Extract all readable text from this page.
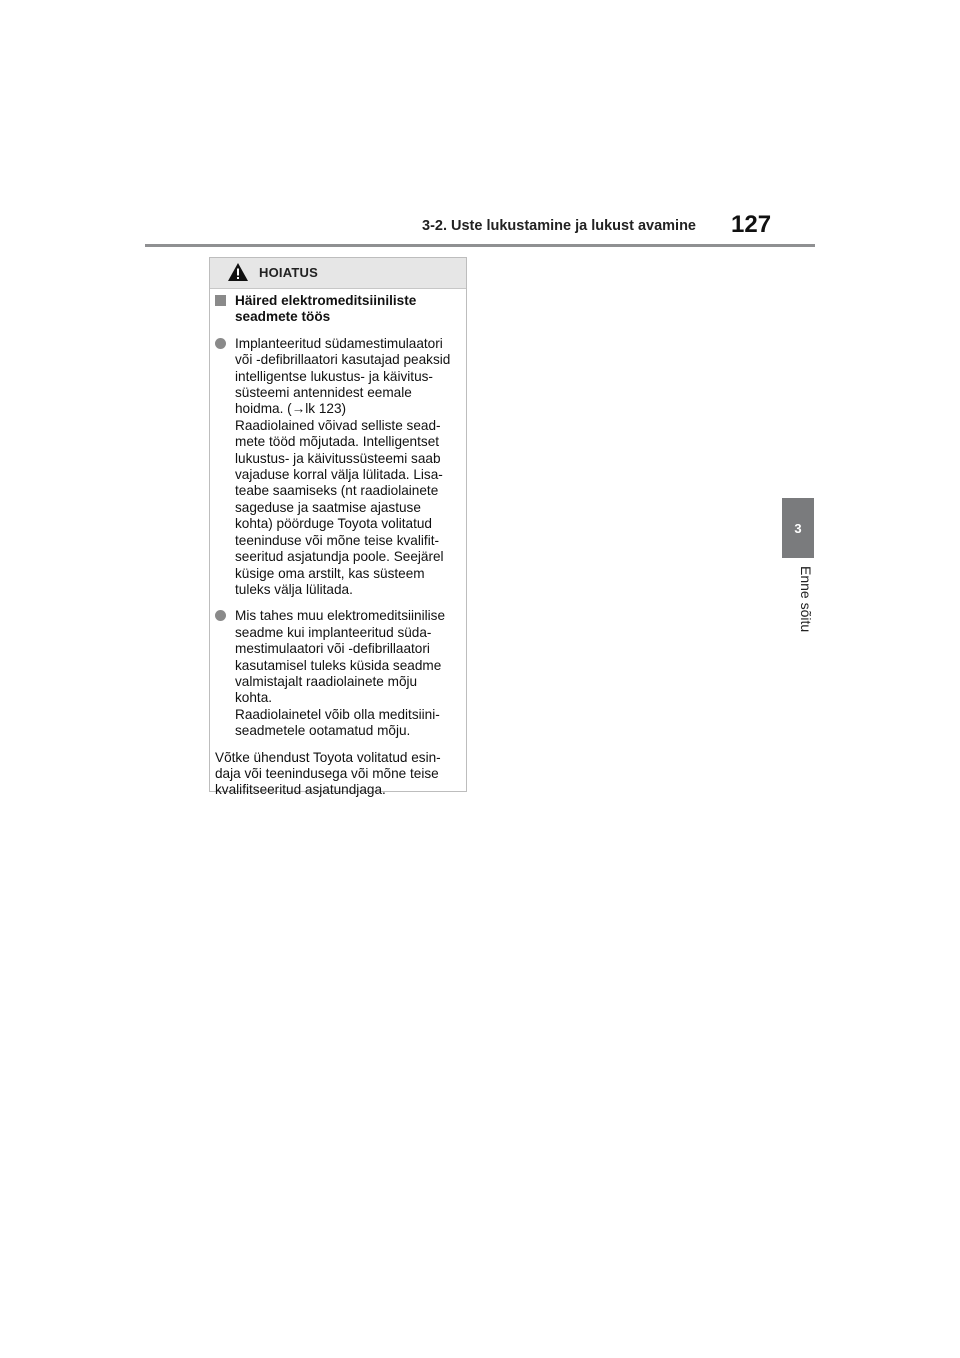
3-2. Uste lukustamine ja lukust avamine 127
3
Enne sõitu
HOIATUS
Häired elektromeditsiiniliste
seadmete töös
Implanteeritud südamestimulaatori
või -defibrillaatori kasutajad peaksid
intelligentse lukustus- ja käivitus-
süsteemi antennidest eemale
hoidma. (→lk 123)
Raadiolained võivad selliste sead-
mete tööd mõjutada. Intelligentset
lukustus- ja käivitussüsteemi saab
vajaduse korral välja lülitada. Lisa-
teabe saamiseks (nt raadiolainete
sageduse ja saatmise ajastuse
kohta) pöörduge Toyota volitatud
teeninduse või mõne teise kvalifit-
seeritud asjatundja poole. Seejärel
küsige oma arstilt, kas süsteem
tuleks välja lülitada.
Mis tahes muu elektromeditsiinilise
seadme kui implanteeritud süda-
mestimulaatori või -defibrillaatori
kasutamisel tuleks küsida seadme
valmistajalt raadiolainete mõju
kohta.
Raadiolainetel võib olla meditsiini-
seadmetele ootamatud mõju.
Võtke ühendust Toyota volitatud esin-
daja või teenindusega või mõne teise
kvalifitseeritud asjatundjaga.
